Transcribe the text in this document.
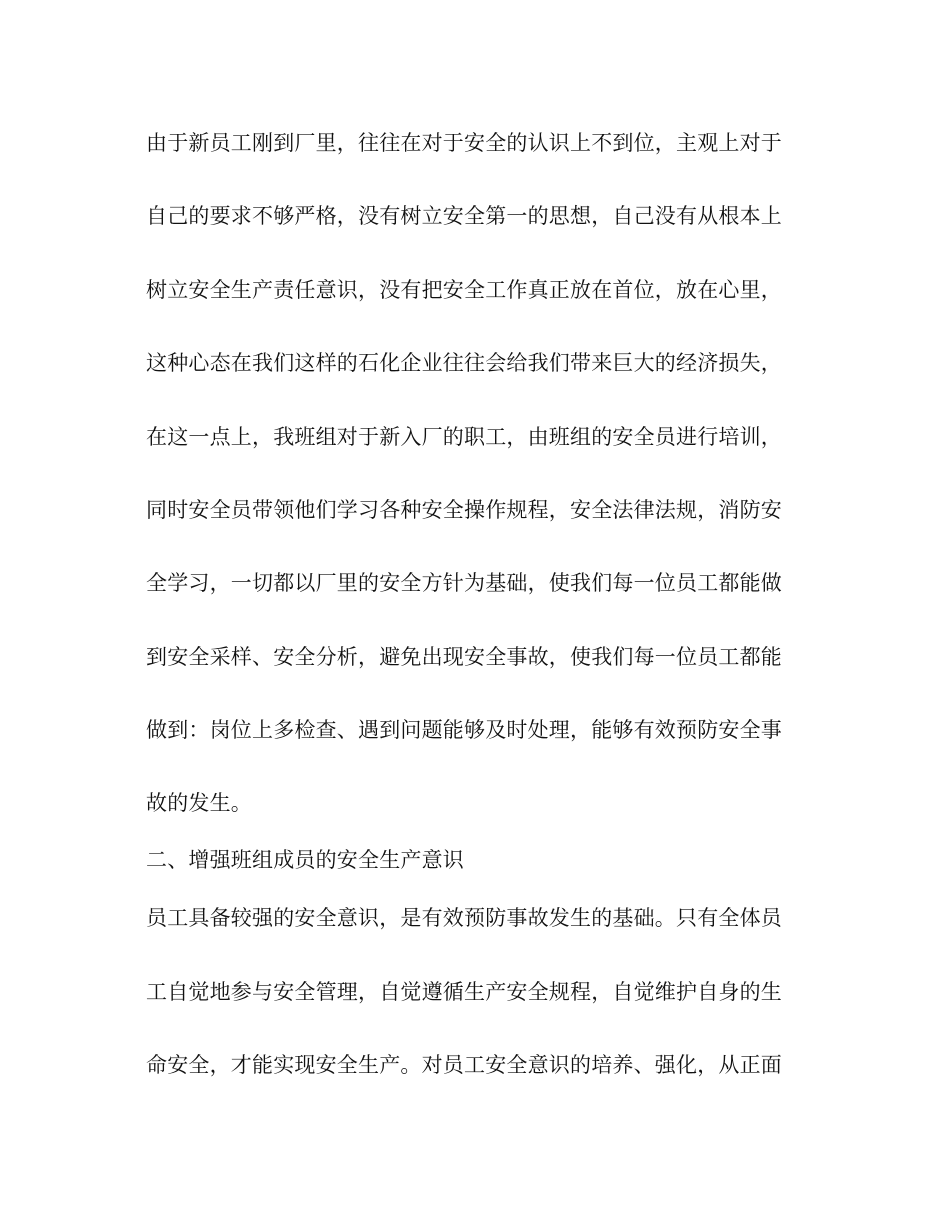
由于新员工刚到厂里，往往在对于安全的认识上不到位，主观上对于
自己的要求不够严格，没有树立安全第一的思想，自己没有从根本上
树立安全生产责任意识，没有把安全工作真正放在首位，放在心里，
这种心态在我们这样的石化企业往往会给我们带来巨大的经济损失，
在这一点上，我班组对于新入厂的职工，由班组的安全员进行培训，
同时安全员带领他们学习各种安全操作规程，安全法律法规，消防安
全学习，一切都以厂里的安全方针为基础，使我们每一位员工都能做
到安全采样、安全分析，避免出现安全事故，使我们每一位员工都能
做到：岗位上多检查、遇到问题能够及时处理，能够有效预防安全事
故的发生。
二、增强班组成员的安全生产意识
员工具备较强的安全意识，是有效预防事故发生的基础。只有全体员
工自觉地参与安全管理，自觉遵循生产安全规程，自觉维护自身的生
命安全，才能实现安全生产。对员工安全意识的培养、强化，从正面
